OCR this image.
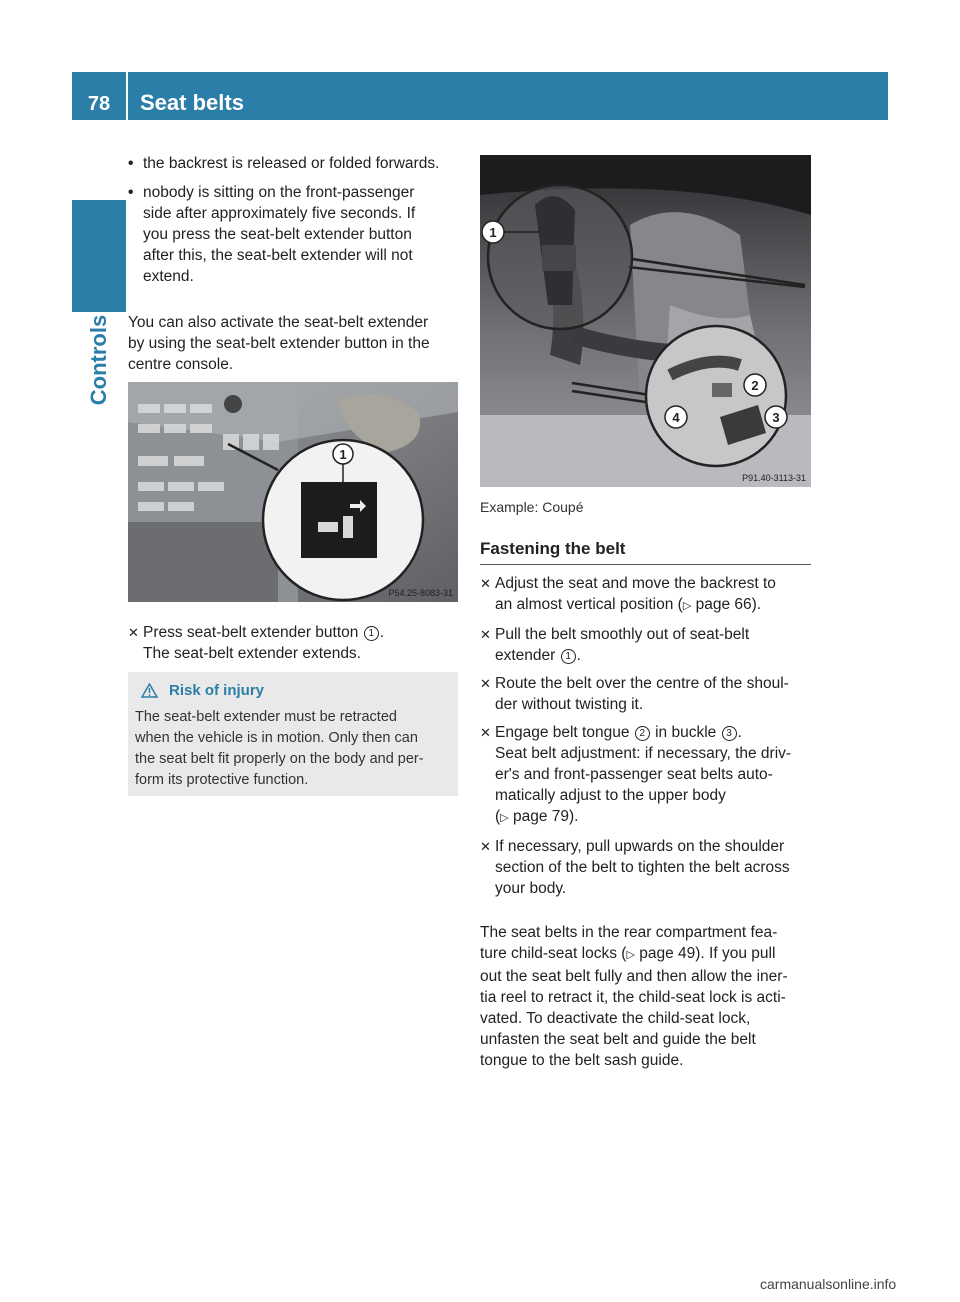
78	Seat belts
Controls

• the backrest is released or folded forwards.

• nobody is sitting on the front-passenger
side after approximately five seconds. If
you press the seat-belt extender button
after this, the seat-belt extender will not
extend.

You can also activate the seat-belt extender
by using the seat-belt extender button in the
centre console.

1
P54.25-8083-31

✕ Press seat-belt extender button 1 .
The seat-belt extender extends.

Risk of injury
The seat-belt extender must be retracted
when the vehicle is in motion. Only then can
the seat belt fit properly on the body and per-
form its protective function.
1
2
3
4
P91.40-3113-31
Example: Coupé
Fastening the belt

✕ Adjust the seat and move the backrest to
an almost vertical position (▷ page 66).

✕ Pull the belt smoothly out of seat-belt
extender 1 .

✕ Route the belt over the centre of the shoul-
der without twisting it.

✕ Engage belt tongue 2 in buckle 3 .
Seat belt adjustment: if necessary, the driv-
er's and front-passenger seat belts auto-
matically adjust to the upper body
(▷ page 79).

✕ If necessary, pull upwards on the shoulder
section of the belt to tighten the belt across
your body.

The seat belts in the rear compartment fea-
ture child-seat locks (▷ page 49). If you pull
out the seat belt fully and then allow the iner-
tia reel to retract it, the child-seat lock is acti-
vated. To deactivate the child-seat lock,
unfasten the seat belt and guide the belt
tongue to the belt sash guide.

carmanualsonline.info
